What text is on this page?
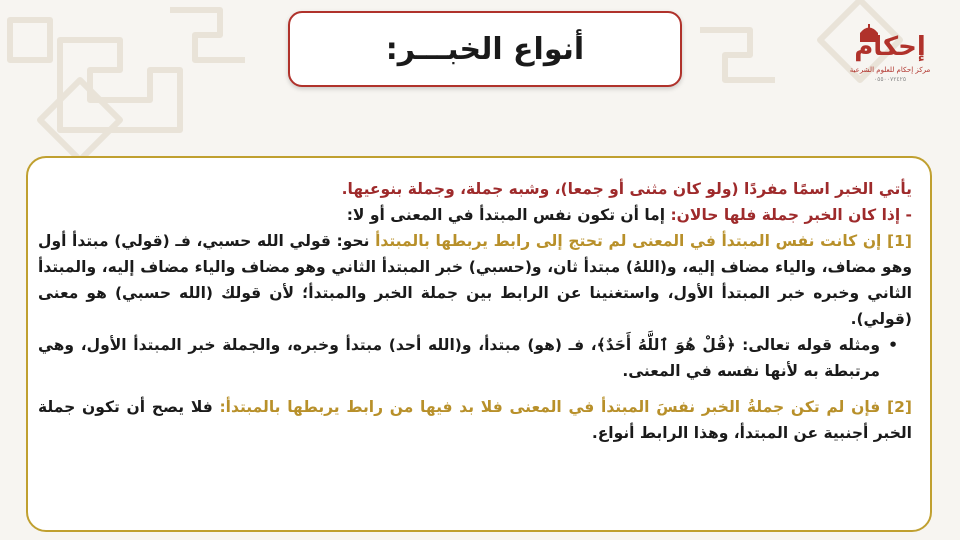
أنواع الخبـــر:	إحكام
مركز إحكام للعلوم الشرعية
٠٥٥٠٠٧٢٤٢٥

يأتي الخبر اسمًا مفردًا (ولو كان مثنى أو جمعا)، وشبه جملة، وجملة بنوعيها.

- إذا كان الخبر جملة فلها حالان: إما أن تكون نفس المبتدأ في المعنى أو لا:

[1] إن كانت نفس المبتدأ في المعنى لم تحتج إلى رابط يربطها بالمبتدأ نحو: قولي الله حسبي، فـ (قولي) مبتدأ أول وهو مضاف، والياء مضاف إليه، و(اللهُ) مبتدأ ثان، و(حسبي) خبر المبتدأ الثاني وهو مضاف والياء مضاف إليه، والمبتدأ الثاني وخبره خبر المبتدأ الأول، واستغنينا عن الرابط بين جملة الخبر والمبتدأ؛ لأن قولك (الله حسبي) هو معنى (قولي).

•
ومثله قوله تعالى: ﴿قُلْ هُوَ ٱللَّهُ أَحَدٌ﴾، فـ (هو) مبتدأ، و(الله أحد) مبتدأ وخبره، والجملة خبر المبتدأ الأول، وهي مرتبطة به لأنها نفسه في المعنى.

[2] فإن لم تكن جملةُ الخبر نفسَ المبتدأ في المعنى فلا بد فيها من رابط يربطها بالمبتدأ: فلا يصح أن تكون جملة الخبر أجنبية عن المبتدأ، وهذا الرابط أنواع.
